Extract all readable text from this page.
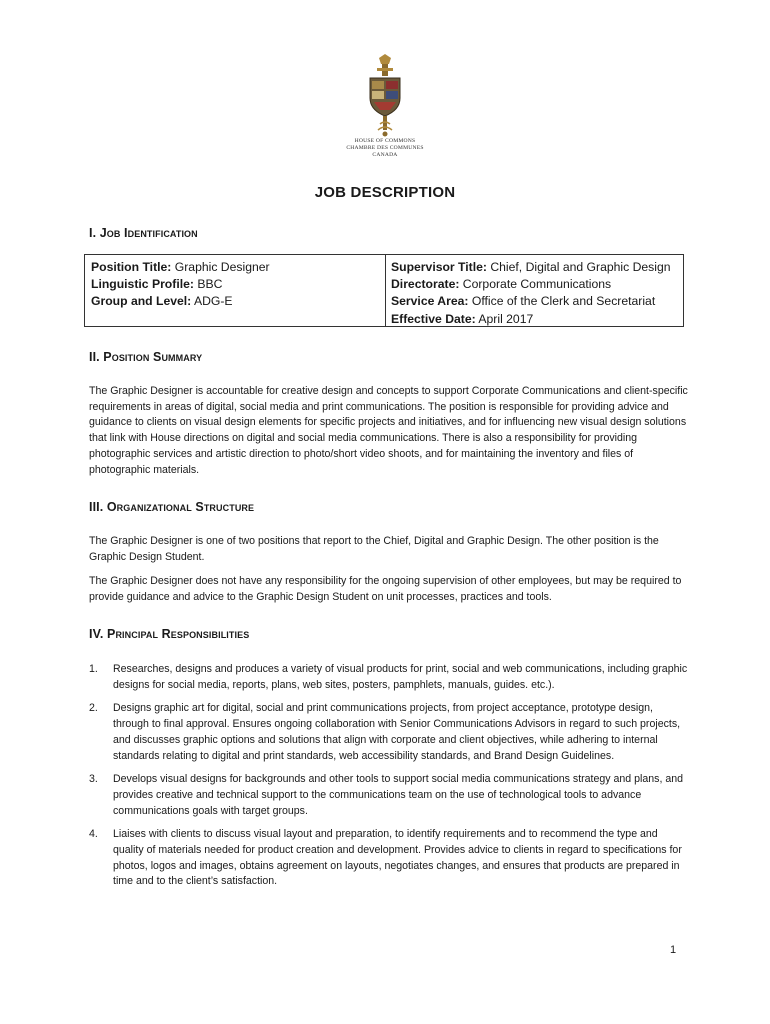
HOUSE OF COMMONS
CHAMBRE DES COMMUNES
CANADA
JOB DESCRIPTION
I. Job Identification
Position Title: Graphic Designer
Linguistic Profile: BBC
Group and Level: ADG-E
Supervisor Title: Chief, Digital and Graphic Design
Directorate: Corporate Communications
Service Area: Office of the Clerk and Secretariat
Effective Date: April 2017
II. Position Summary
The Graphic Designer is accountable for creative design and concepts to support Corporate Communications and client-specific requirements in areas of digital, social media and print communications. The position is responsible for providing advice and guidance to clients on visual design elements for specific projects and initiatives, and for influencing new visual design solutions that link with House directions on digital and social media communications. There is also a responsibility for providing photographic services and artistic direction to photo/short video shoots, and for maintaining the inventory and files of photographic materials.
III. Organizational Structure
The Graphic Designer is one of two positions that report to the Chief, Digital and Graphic Design. The other position is the Graphic Design Student.
The Graphic Designer does not have any responsibility for the ongoing supervision of other employees, but may be required to provide guidance and advice to the Graphic Design Student on unit processes, practices and tools.
IV. Principal Responsibilities
1. Researches, designs and produces a variety of visual products for print, social and web communications, including graphic designs for social media, reports, plans, web sites, posters, pamphlets, manuals, guides. etc.).
2. Designs graphic art for digital, social and print communications projects, from project acceptance, prototype design, through to final approval. Ensures ongoing collaboration with Senior Communications Advisors in regard to such projects, and discusses graphic options and solutions that align with corporate and client objectives, while adhering to internal standards relating to digital and print standards, web accessibility standards, and Brand Design Guidelines.
3. Develops visual designs for backgrounds and other tools to support social media communications strategy and plans, and provides creative and technical support to the communications team on the use of technological tools to advance communications goals with target groups.
4. Liaises with clients to discuss visual layout and preparation, to identify requirements and to recommend the type and quality of materials needed for product creation and development. Provides advice to clients in regard to specifications for photos, logos and images, obtains agreement on layouts, negotiates changes, and ensures that products are prepared in time and to the client’s satisfaction.
1
